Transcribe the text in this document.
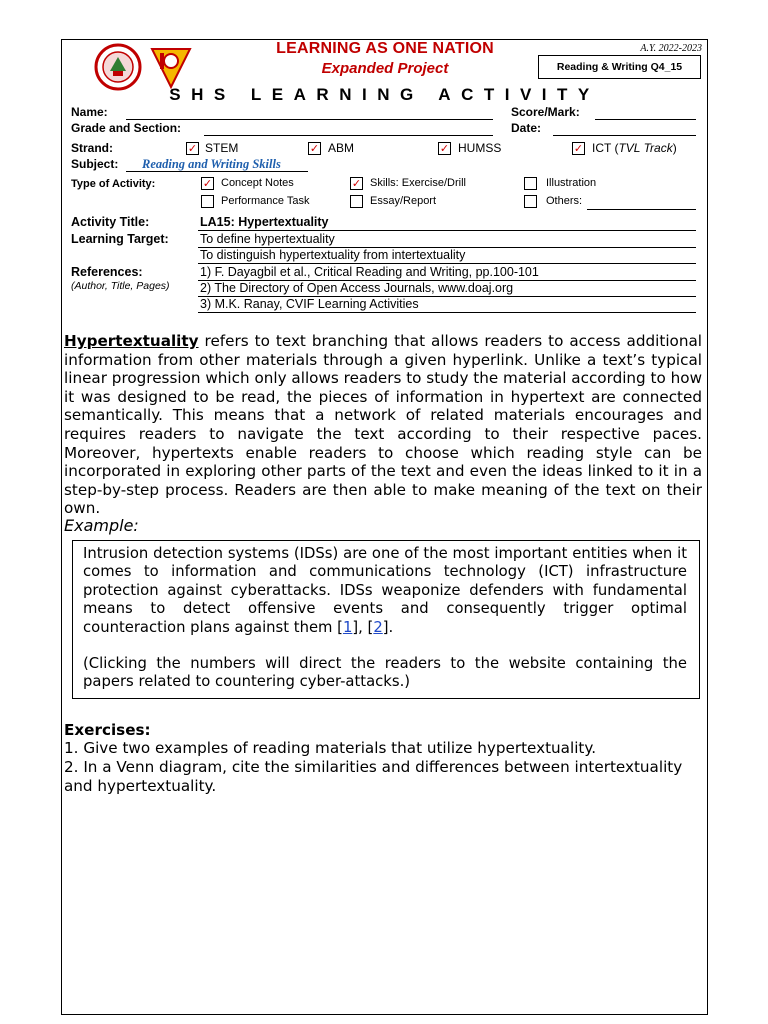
LEARNING AS ONE NATION
Expanded Project
A.Y. 2022-2023
Reading & Writing Q4_15
SHS LEARNING ACTIVITY
Name:	Score/Mark:
Grade and Section:	Date:
Strand:	✓ STEM	✓ ABM	✓ HUMSS	✓ ICT (TVL Track)
Subject: Reading and Writing Skills
Type of Activity:	✓ Concept Notes	✓ Skills: Exercise/Drill	Illustration
Performance Task	Essay/Report	Others:
Activity Title:	LA15: Hypertextuality
Learning Target:	To define hypertextuality
To distinguish hypertextuality from intertextuality
References:
(Author, Title, Pages)
1) F. Dayagbil et al., Critical Reading and Writing, pp.100-101
2) The Directory of Open Access Journals, www.doaj.org
3) M.K. Ranay, CVIF Learning Activities
Hypertextuality refers to text branching that allows readers to access additional information from other materials through a given hyperlink. Unlike a text’s typical linear progression which only allows readers to study the material according to how it was designed to be read, the pieces of information in hypertext are connected semantically. This means that a network of related materials encourages and requires readers to navigate the text according to their respective paces. Moreover, hypertexts enable readers to choose which reading style can be incorporated in exploring other parts of the text and even the ideas linked to it in a step-by-step process. Readers are then able to make meaning of the text on their own.
Example:
Intrusion detection systems (IDSs) are one of the most important entities when it comes to information and communications technology (ICT) infrastructure protection against cyberattacks. IDSs weaponize defenders with fundamental means to detect offensive events and consequently trigger optimal counteraction plans against them [1], [2].
(Clicking the numbers will direct the readers to the website containing the papers related to countering cyber-attacks.)
Exercises:
1. Give two examples of reading materials that utilize hypertextuality.
2. In a Venn diagram, cite the similarities and differences between intertextuality and hypertextuality.
